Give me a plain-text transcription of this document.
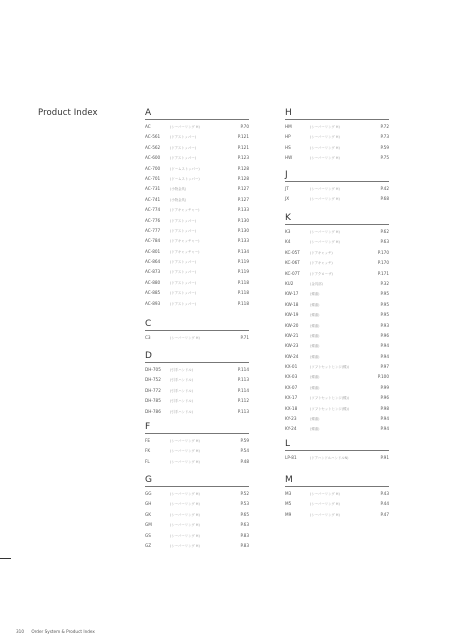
Product Index	A
AC	(シーバーリング H)	P.70
AC-561	(ドアストッパー)	P.121
AC-562	(ドアストッパー)	P.121
AC-600	(ドアストッパー)	P.123
AC-700	(ドームストッパー)	P.128
AC-701	(ドームストッパー)	P.128
AC-731	(小物金具)	P.127
AC-741	(小物金具)	P.127
AC-774	(ドアキャッチャー)	P.133
AC-776	(ドアストッパー)	P.130
AC-777	(ドアストッパー)	P.130
AC-784	(ドアキャッチャー)	P.133
AC-801	(ドアキャッチャー)	P.134
AC-864	(ドアストッパー)	P.119
AC-873	(ドアストッパー)	P.119
AC-880	(ドアストッパー)	P.118
AC-885	(ドアストッパー)	P.118
AC-893	(ドアストッパー)	P.118
C
C3	(シーバーリング H)	P.71
D
DH-705	(引手ハンドル)	P.114
DH-752	(引手ハンドル)	P.113
DH-772	(引手ハンドル)	P.114
DH-785	(引手ハンドル)	P.112
DH-786	(引手ハンドル)	P.113
F
FE	(シーバーリング H)	P.59
FK	(シーバーリング H)	P.54
FL	(シーバーリング H)	P.48
G
GG	(シーバーリング H)	P.52
GH	(シーバーリング H)	P.53
GK	(シーバーリング H)	P.65
GM	(シーバーリング H)	P.63
GS	(シーバーリング H)	P.83
GZ	(シーバーリング H)	P.83
H
HM	(シーバーリング H)	P.72
HP	(シーバーリング H)	P.73
HS	(シーバーリング H)	P.59
HW	(シーバーリング H)	P.75
J
JT	(シーバーリング H)	P.42
JX	(シーバーリング H)	P.68
K
K3	(シーバーリング H)	P.62
K4	(シーバーリング H)	P.63
KC-05T	(ドアキャッチ)	P.170
KC-06T	(ドアキャッチ)	P.170
KC-07T	(ドアクローザ)	P.171
KU2	(金具部)	P.32
KW-17	(蝶番)	P.95
KW-18	(蝶番)	P.95
KW-19	(蝶番)	P.95
KW-20	(蝶番)	P.93
KW-21	(蝶番)	P.96
KW-23	(蝶番)	P.94
KW-24	(蝶番)	P.94
KX-01	(ソフトセットヒンジ(蝶))	P.97
KX-03	(蝶番)	P.100
KX-07	(蝶番)	P.99
KX-17	(ソフトセットヒンジ(蝶))	P.96
KX-18	(ソフトセットヒンジ(蝶))	P.98
KY-23	(蝶番)	P.94
KY-24	(蝶番)	P.94
L
LP-81	(ドアハンドルハンドルN)	P.91
M
M3	(シーバーリング H)	P.43
M5	(シーバーリング H)	P.44
M9	(シーバーリング H)	P.47
310 Order System & Product Index
